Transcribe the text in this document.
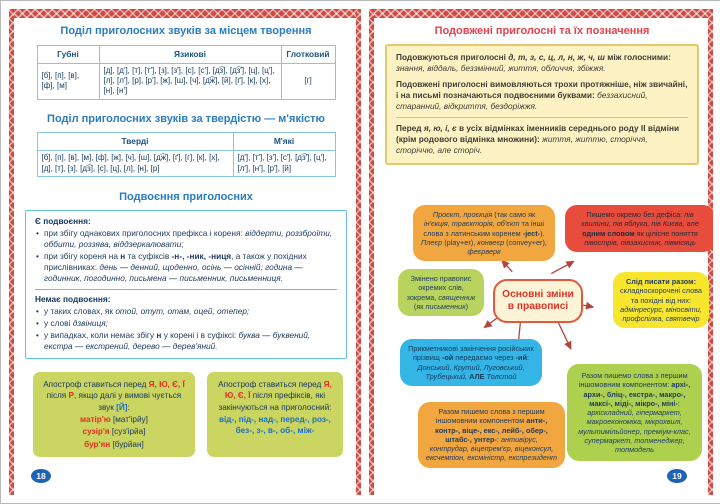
Поділ приголосних звуків за місцем творення
Губні	Язикові	Глотковий
[б], [п], [в], [ф], [м]	[д], [д′], [т], [т′], [з], [з′], [с], [с′], [д͡з], [д͡з′], [ц], [ц′], [л], [л′], [р], [р′], [ж], [ш], [ч], [д͡ж], [й], [ґ], [к], [х], [н], [н′]	[г]
Поділ приголосних звуків за твердістю — м'якістю
Тверді	М'які
[б], [п], [в], [м], [ф], [ж], [ч], [ш], [д͡ж], [ґ], [г], [к], [х], [д], [т], [з], [д͡з], [с], [ц], [л], [н], [р]	[д′], [т′], [з′], [с′], [д͡з′], [ц′], [л′], [н′], [р′], [й]
Подвоєння приголосних
Є подвоєння:
• при збігу однакових приголосних префікса і кореня: віддерти, роззброїти, оббити, роззява, віддзеркалювати;
• при збігу кореня на н та суфіксів -н-, -ник, -ниця, а також у похідних прислівниках: день — денний, щоденно, осінь — осінній; година — годинник, погодинно, письмена — письменник, письменниця.
Немає подвоєння:
• у таких словах, як отой, отут, отам, оцей, отепер;
• у слові дзвіниця;
• у випадках, коли немає збігу н у корені і в суфіксі: буква — буквений, екстра — екстрений, дерево — дерев'яний.
Апостроф ставиться перед Я, Ю, Є, Ї після Р, якщо далі у вимові чується звук [Й]:
матір'ю [мат'ірйу]
сузір'я [суз'ірйа]
бур'ян [бурйан]
Апостроф ставиться перед Я, Ю, Є, Ї після префіксів, які закінчуються на приголосний:
від-, під-, над-, перед-, роз-, без-, з-, в-, об-, між-
18
Подовжені приголосні та їх позначення

Подовжуються приголосні д, т, з, с, ц, л, н, ж, ч, ш між голосними: знання, віддаль, беззмінний, життя, обличчя, збіжжя.

Подовжені приголосні вимовляються трохи протяжніше, ніж звичайні, і на письмі позначаються подвоєними буквами: беззахисний, старанний, відкриття, бездоріжжя.

Перед я, ю, і, є в усіх відмінках іменників середнього роду ІІ відміни (крім родового відмінка множини): життя, життю, сторіччя, сторіччю, але сторіч.

Проєкт, проєкція (так само як ін'єкція, траєкторія, об'єкт та інші слова з латинським коренем -ject-). Плеєр (play+er), конвеєр (convey+er), феєрверк
Пишемо окремо без дефіса: пів хвилини, пів яблука, пів Києва, але одним словом як цілісне поняття півострів, півзахисник, півмісяць
Змінено правопис окремих слів, зокрема, священник (як письменник)
Основні зміни в правописі
Слід писати разом: складноскорочені слова та похідні від них: адмінресурс, міносвіти, профспілка, святвечір
Прикметникові закінчення російських прізвищ -ой передаємо через -ий: Донський, Крутий, Луговський, Трубецький, АЛЕ Толстой
Разом пишемо слова з першим іншомовним компонентом анти-, контр-, віце-, екс-, лейб-, обер-, штабс-, унтер-: антивірус, контрудар, віцепрем'єр, віцеконсул, ексчемпіон, ексміністр, експрезидент
Разом пишемо слова з першим іншомовним компонентом: архі-, архи-, бліц-, екстра-, макро-, максі-, міді-, мікро-, міні-: архіскладний, гіпермаркет, макроекономіка, мікрохвилі, мультимільйонер, преміум-клас, супермаркет, топменеджер, топмодель
19
